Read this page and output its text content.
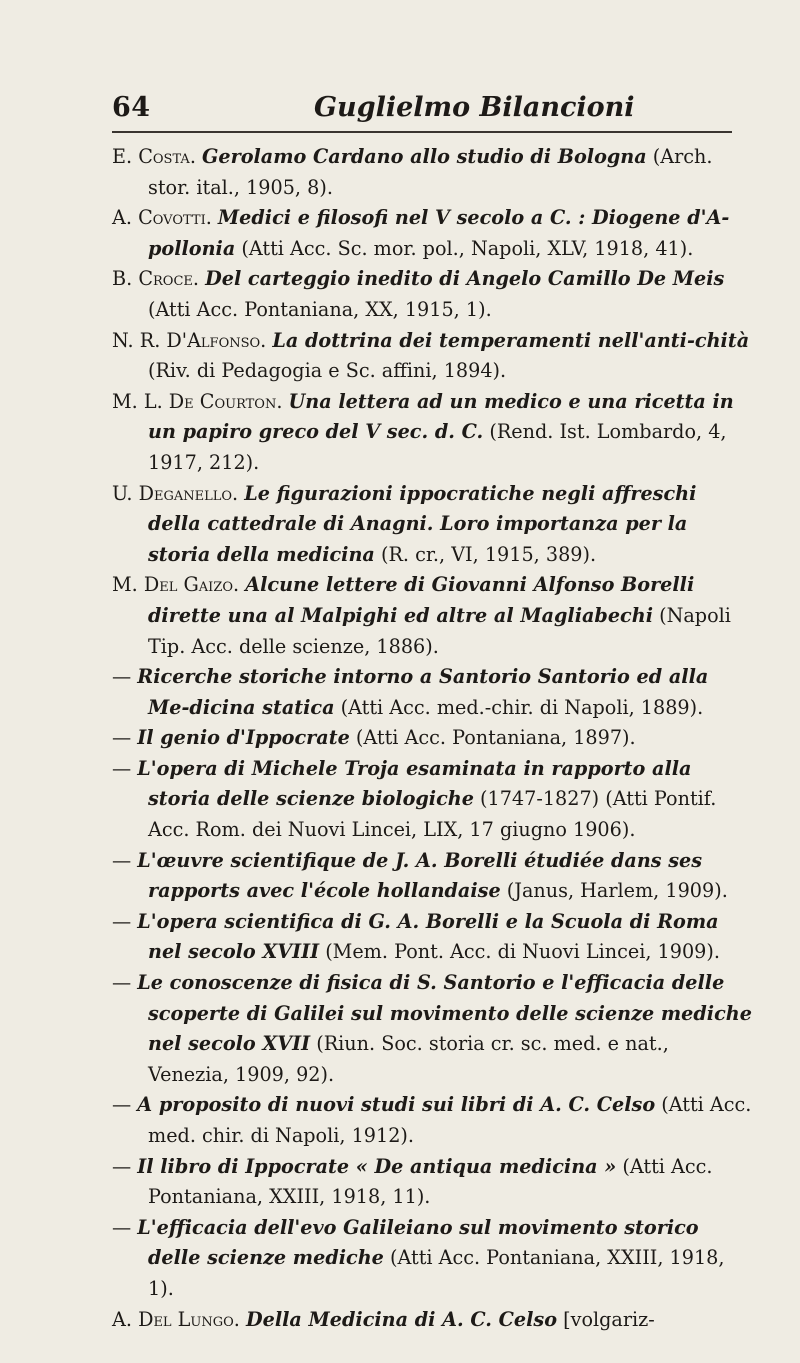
64	Guglielmo Bilancioni
E. Costa. Gerolamo Cardano allo studio di Bologna (Arch. stor. ital., 1905, 8).
A. Covotti. Medici e filosofi nel V secolo a C. : Diogene d'A-pollonia (Atti Acc. Sc. mor. pol., Napoli, XLV, 1918, 41).
B. Croce. Del carteggio inedito di Angelo Camillo De Meis (Atti Acc. Pontaniana, XX, 1915, 1).
N. R. D'Alfonso. La dottrina dei temperamenti nell'anti-chità (Riv. di Pedagogia e Sc. affini, 1894).
M. L. De Courton. Una lettera ad un medico e una ricetta in un papiro greco del V sec. d. C. (Rend. Ist. Lombardo, 4, 1917, 212).
U. Deganello. Le figurazioni ippocratiche negli affreschi della cattedrale di Anagni. Loro importanza per la storia della medicina (R. cr., VI, 1915, 389).
M. Del Gaizo. Alcune lettere di Giovanni Alfonso Borelli dirette una al Malpighi ed altre al Magliabechi (Napoli Tip. Acc. delle scienze, 1886).
— Ricerche storiche intorno a Santorio Santorio ed alla Me-dicina statica (Atti Acc. med.-chir. di Napoli, 1889).
— Il genio d'Ippocrate (Atti Acc. Pontaniana, 1897).
— L'opera di Michele Troja esaminata in rapporto alla storia delle scienze biologiche (1747-1827) (Atti Pontif. Acc. Rom. dei Nuovi Lincei, LIX, 17 giugno 1906).
— L'œuvre scientifique de J. A. Borelli étudiée dans ses rapports avec l'école hollandaise (Janus, Harlem, 1909).
— L'opera scientifica di G. A. Borelli e la Scuola di Roma nel secolo XVIII (Mem. Pont. Acc. di Nuovi Lincei, 1909).
— Le conoscenze di fisica di S. Santorio e l'efficacia delle scoperte di Galilei sul movimento delle scienze mediche nel secolo XVII (Riun. Soc. storia cr. sc. med. e nat., Venezia, 1909, 92).
— A proposito di nuovi studi sui libri di A. C. Celso (Atti Acc. med. chir. di Napoli, 1912).
— Il libro di Ippocrate « De antiqua medicina » (Atti Acc. Pontaniana, XXIII, 1918, 11).
— L'efficacia dell'evo Galileiano sul movimento storico delle scienze mediche (Atti Acc. Pontaniana, XXIII, 1918, 1).
A. Del Lungo. Della Medicina di A. C. Celso [volgariz-
